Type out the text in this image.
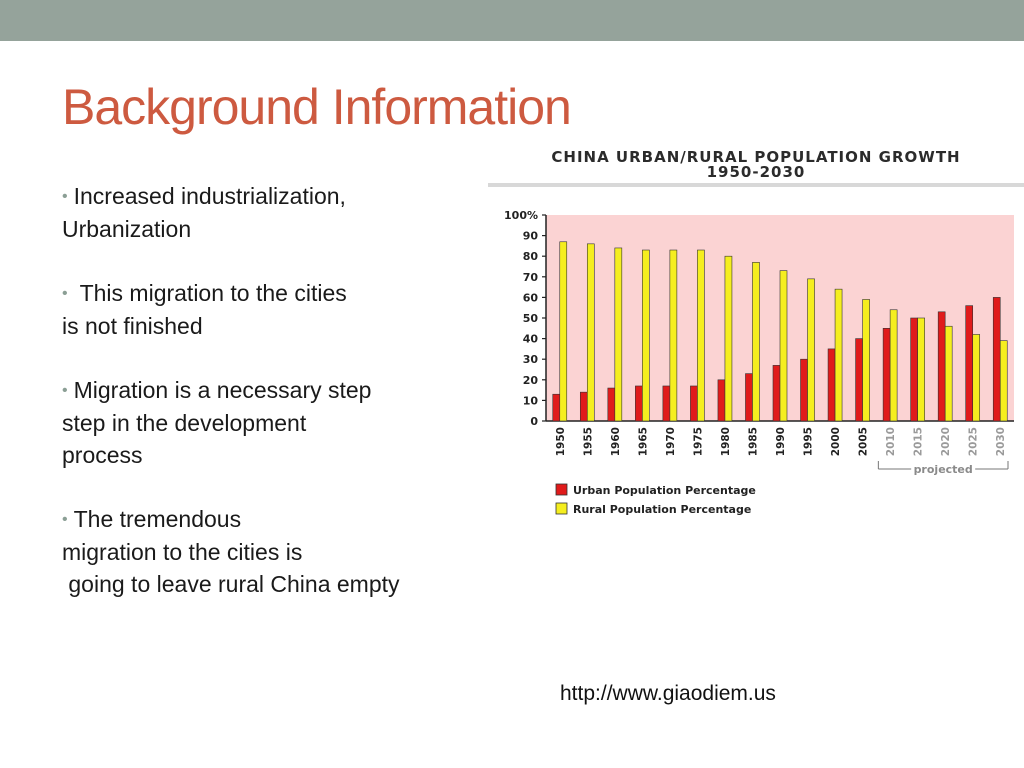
Background Information
• Increased industrialization,
Urbanization
• This migration to the cities
is not finished
• Migration is a necessary step
step in the development
process
• The tremendous
migration to the cities is
going to leave rural China empty
CHINA URBAN/RURAL POPULATION GROWTH
1950-2030
100%
90
80
70
60
50
40
30
20
10
0
1950 1955 1960 1965 1970 1975 1980 1985 1990 1995 2000 2005 2010 2015 2020 2025 2030
projected
Urban Population Percentage
Rural Population Percentage
http://www.giaodiem.us
